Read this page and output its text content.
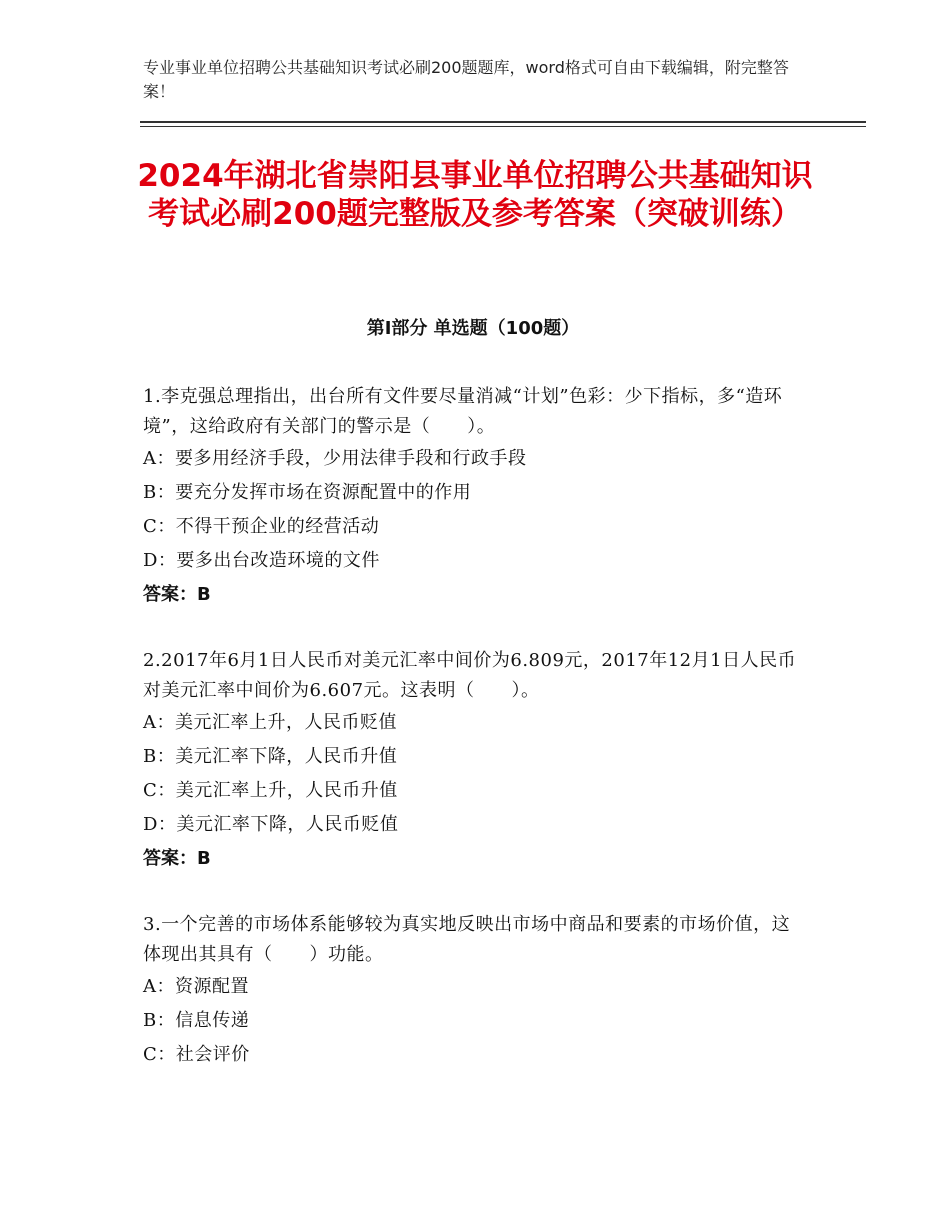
专业事业单位招聘公共基础知识考试必刷200题题库，word格式可自由下载编辑，附完整答案！
2024年湖北省崇阳县事业单位招聘公共基础知识考试必刷200题完整版及参考答案（突破训练）
第I部分 单选题（100题）
1.李克强总理指出，出台所有文件要尽量消减“计划”色彩：少下指标，多“造环境”，这给政府有关部门的警示是（　　）。
A：要多用经济手段，少用法律手段和行政手段
B：要充分发挥市场在资源配置中的作用
C：不得干预企业的经营活动
D：要多出台改造环境的文件
答案：B
2.2017年6月1日人民币对美元汇率中间价为6.809元，2017年12月1日人民币对美元汇率中间价为6.607元。这表明（　　）。
A：美元汇率上升，人民币贬值
B：美元汇率下降，人民币升值
C：美元汇率上升，人民币升值
D：美元汇率下降，人民币贬值
答案：B
3.一个完善的市场体系能够较为真实地反映出市场中商品和要素的市场价值，这体现出其具有（　　）功能。
A：资源配置
B：信息传递
C：社会评价
